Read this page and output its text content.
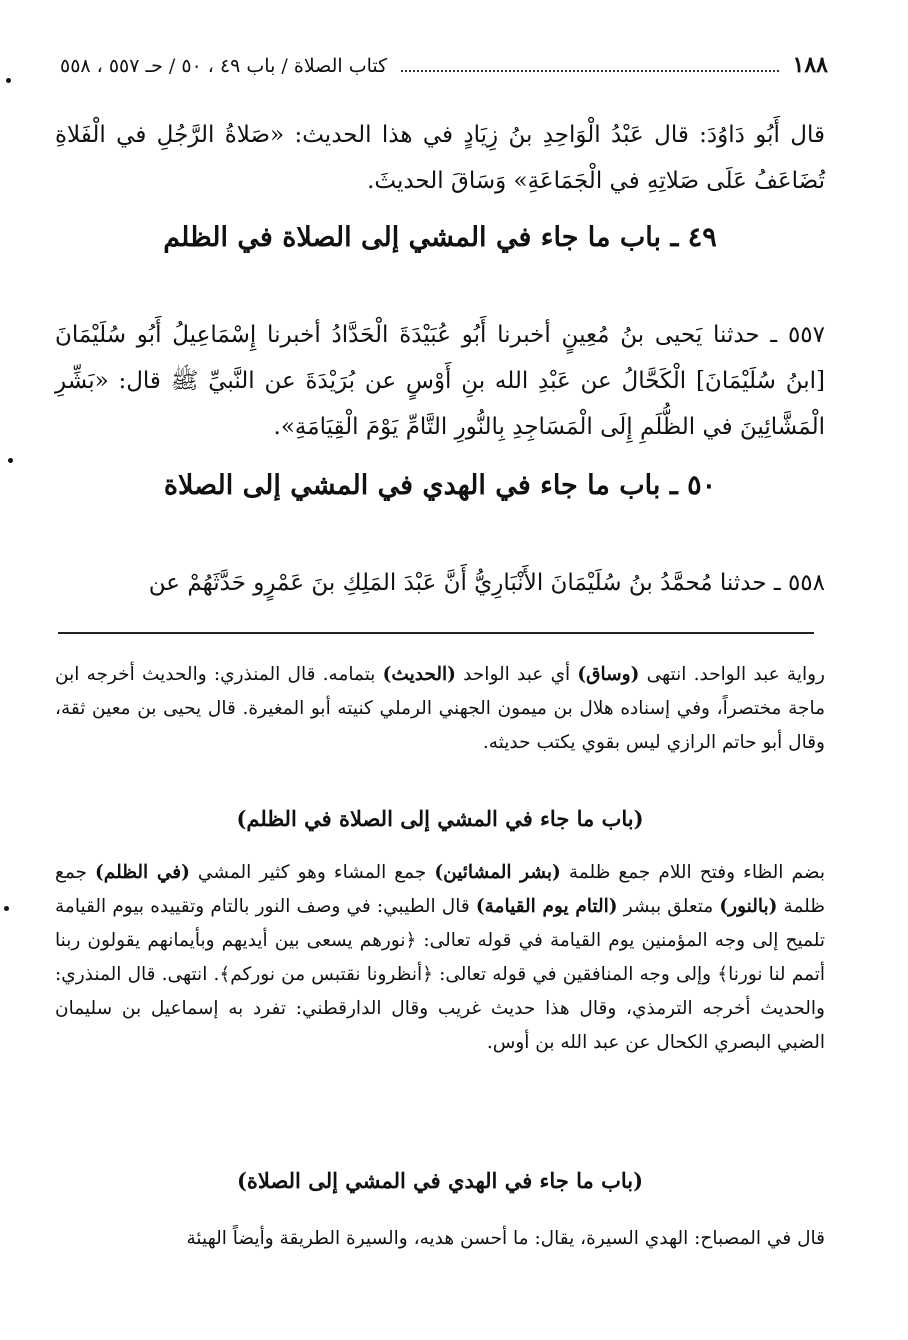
١٨٨
كتاب الصلاة / باب ٤٩ ، ٥٠ / حـ ٥٥٧ ، ٥٥٨

قال أَبُو دَاوُدَ: قال عَبْدُ الْوَاحِدِ بنُ زِيَادٍ في هذا الحديث: «صَلاةُ الرَّجُلِ في الْفَلاةِ تُضَاعَفُ عَلَى صَلاتِهِ في الْجَمَاعَةِ» وَسَاقَ الحديثَ.

٤٩ ـ باب ما جاء في المشي إلى الصلاة في الظلم

٥٥٧ ـ حدثنا يَحيى بنُ مُعِينٍ أخبرنا أَبُو عُبَيْدَةَ الْحَدَّادُ أخبرنا إِسْمَاعِيلُ أَبُو سُلَيْمَانَ [ابنُ سُلَيْمَانَ] الْكَحَّالُ عن عَبْدِ الله بنِ أَوْسٍ عن بُرَيْدَةَ عن النَّبيِّ ﷺ قال: «بَشِّرِ الْمَشَّائِينَ في الظُّلَمِ إِلَى الْمَسَاجِدِ بِالنُّورِ التَّامِّ يَوْمَ الْقِيَامَةِ».

٥٠ ـ باب ما جاء في الهدي في المشي إلى الصلاة

٥٥٨ ـ حدثنا مُحمَّدُ بنُ سُلَيْمَانَ الأَنْبَارِيُّ أَنَّ عَبْدَ المَلِكِ بنَ عَمْرٍو حَدَّثَهُمْ عن

رواية عبد الواحد. انتهى (وساق) أي عبد الواحد (الحديث) بتمامه. قال المنذري: والحديث أخرجه ابن ماجة مختصراً، وفي إسناده هلال بن ميمون الجهني الرملي كنيته أبو المغيرة. قال يحيى بن معين ثقة، وقال أبو حاتم الرازي ليس بقوي يكتب حديثه.

(باب ما جاء في المشي إلى الصلاة في الظلم)

بضم الظاء وفتح اللام جمع ظلمة (بشر المشائين) جمع المشاء وهو كثير المشي (في الظلم) جمع ظلمة (بالنور) متعلق ببشر (التام يوم القيامة) قال الطيبي: في وصف النور بالتام وتقييده بيوم القيامة تلميح إلى وجه المؤمنين يوم القيامة في قوله تعالى: ﴿نورهم يسعى بين أيديهم وبأيمانهم يقولون ربنا أتمم لنا نورنا﴾ وإلى وجه المنافقين في قوله تعالى: ﴿أنظرونا نقتبس من نوركم﴾. انتهى. قال المنذري: والحديث أخرجه الترمذي، وقال هذا حديث غريب وقال الدارقطني: تفرد به إسماعيل بن سليمان الضبي البصري الكحال عن عبد الله بن أوس.

(باب ما جاء في الهدي في المشي إلى الصلاة)

قال في المصباح: الهدي السيرة، يقال: ما أحسن هديه، والسيرة الطريقة وأيضاً الهيئة
